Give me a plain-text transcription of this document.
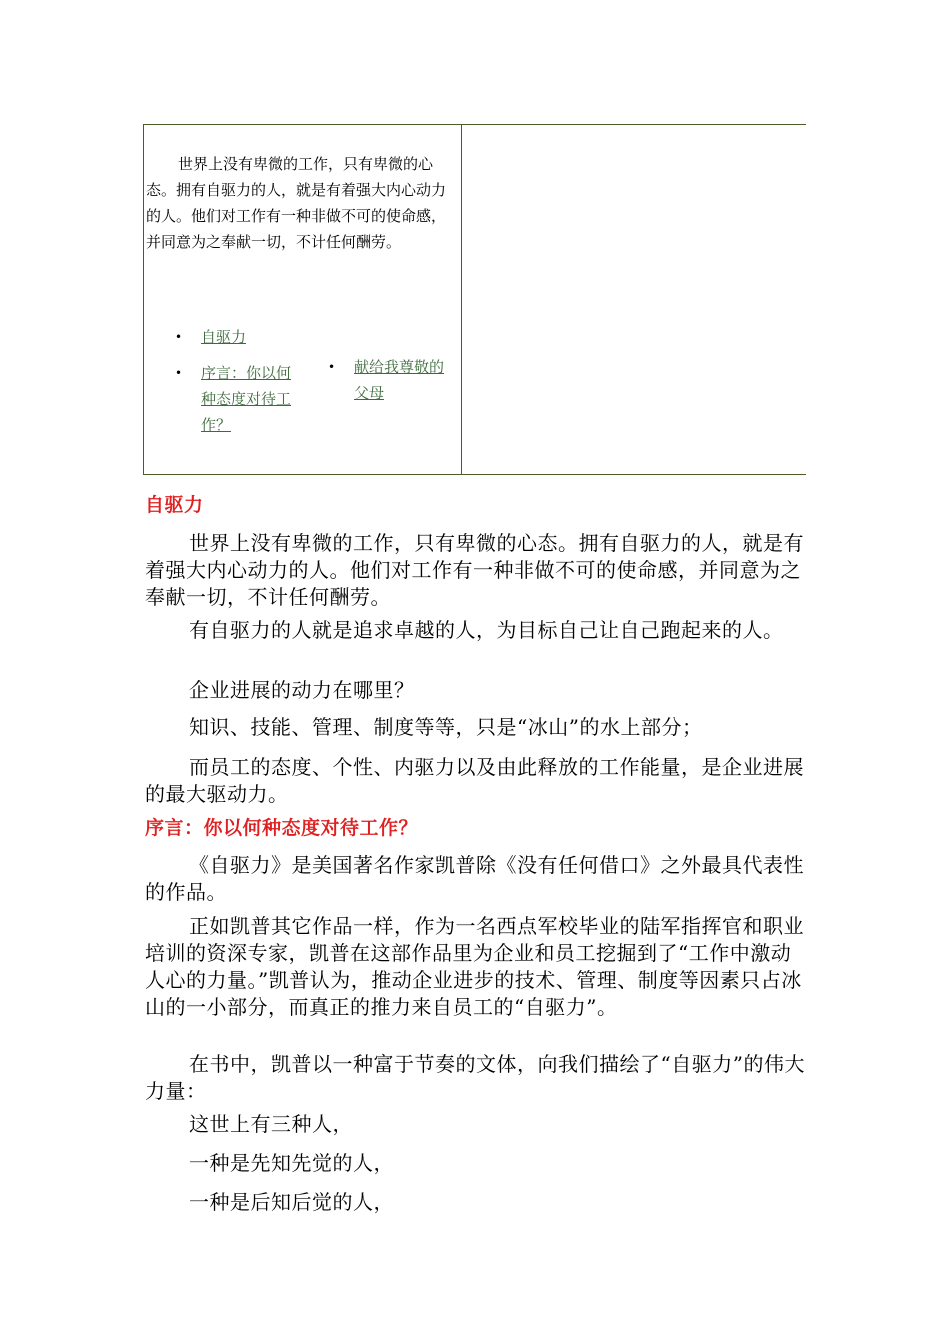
世界上没有卑微的工作，只有卑微的心态。拥有自驱力的人，就是有着强大内心动力的人。他们对工作有一种非做不可的使命感，并同意为之奉献一切，不计任何酬劳。

• 自驱力
• 序言：你以何种态度对待工作？
• 献给我尊敬的父母
自驱力

世界上没有卑微的工作，只有卑微的心态。拥有自驱力的人，就是有着强大内心动力的人。他们对工作有一种非做不可的使命感，并同意为之奉献一切，不计任何酬劳。

有自驱力的人就是追求卓越的人，为目标自己让自己跑起来的人。

企业进展的动力在哪里？

知识、技能、管理、制度等等，只是“冰山”的水上部分；

而员工的态度、个性、内驱力以及由此释放的工作能量，是企业进展的最大驱动力。

序言：你以何种态度对待工作？

《自驱力》是美国著名作家凯普除《没有任何借口》之外最具代表性的作品。

正如凯普其它作品一样，作为一名西点军校毕业的陆军指挥官和职业培训的资深专家，凯普在这部作品里为企业和员工挖掘到了“工作中激动人心的力量。”凯普认为，推动企业进步的技术、管理、制度等因素只占冰山的一小部分，而真正的推力来自员工的“自驱力”。

在书中，凯普以一种富于节奏的文体，向我们描绘了“自驱力”的伟大力量：

这世上有三种人，

一种是先知先觉的人，

一种是后知后觉的人，
